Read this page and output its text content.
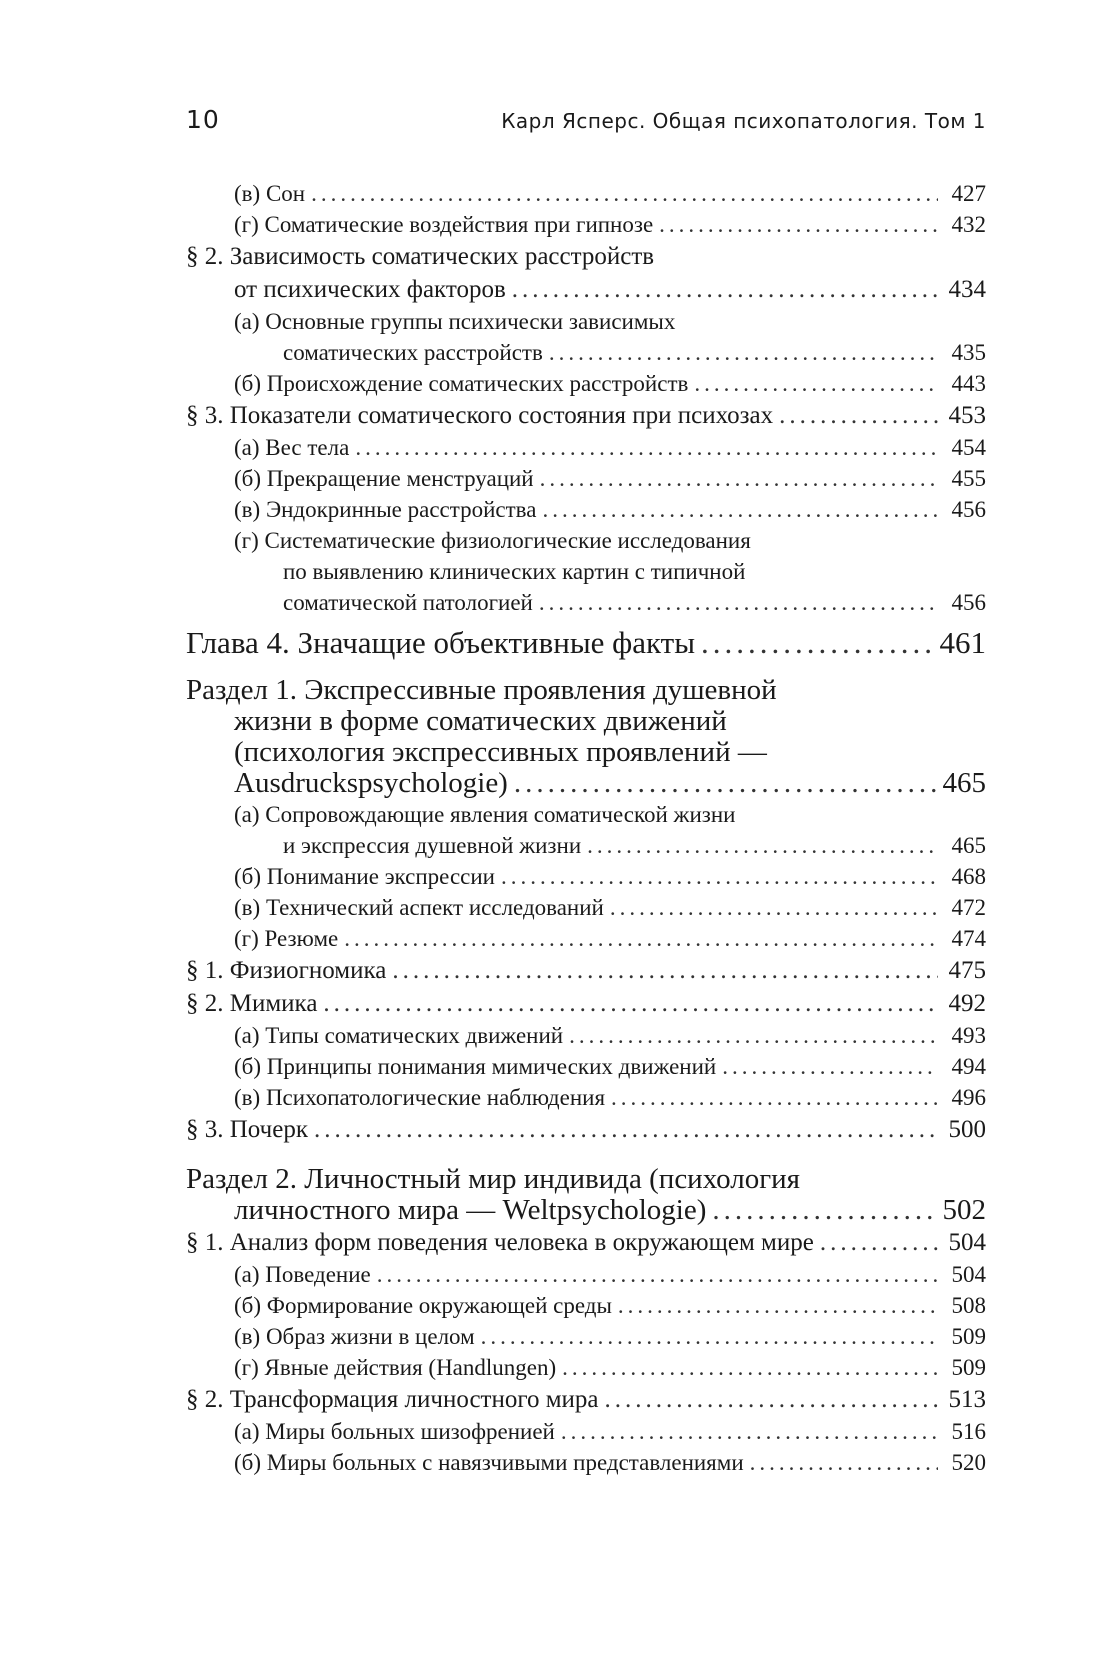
10	Карл Ясперс. Общая психопатология. Том 1
(в) Сон .....	427
(г) Соматические воздействия при гипнозе .....	432
§ 2. Зависимость соматических расстройств
от психических факторов .....	434
(а) Основные группы психически зависимых
соматических расстройств .....	435
(б) Происхождение соматических расстройств .....	443
§ 3. Показатели соматического состояния при психозах .....	453
(а) Вес тела .....	454
(б) Прекращение менструаций .....	455
(в) Эндокринные расстройства .....	456
(г) Систематические физиологические исследования
по выявлению клинических картин с типичной
соматической патологией .....	456
Глава 4. Значащие объективные факты .....	461
Раздел 1. Экспрессивные проявления душевной
жизни в форме соматических движений
(психология экспрессивных проявлений —
Ausdruckspsychologie) .....	465
(а) Сопровождающие явления соматической жизни
и экспрессия душевной жизни .....	465
(б) Понимание экспрессии .....	468
(в) Технический аспект исследований .....	472
(г) Резюме .....	474
§ 1. Физиогномика .....	475
§ 2. Мимика .....	492
(а) Типы соматических движений .....	493
(б) Принципы понимания мимических движений .....	494
(в) Психопатологические наблюдения .....	496
§ 3. Почерк .....	500
Раздел 2. Личностный мир индивида (психология
личностного мира — Weltpsychologie) .....	502
§ 1. Анализ форм поведения человека в окружающем мире .....	504
(а) Поведение .....	504
(б) Формирование окружающей среды .....	508
(в) Образ жизни в целом .....	509
(г) Явные действия (Handlungen) .....	509
§ 2. Трансформация личностного мира .....	513
(а) Миры больных шизофренией .....	516
(б) Миры больных с навязчивыми представлениями .....	520
